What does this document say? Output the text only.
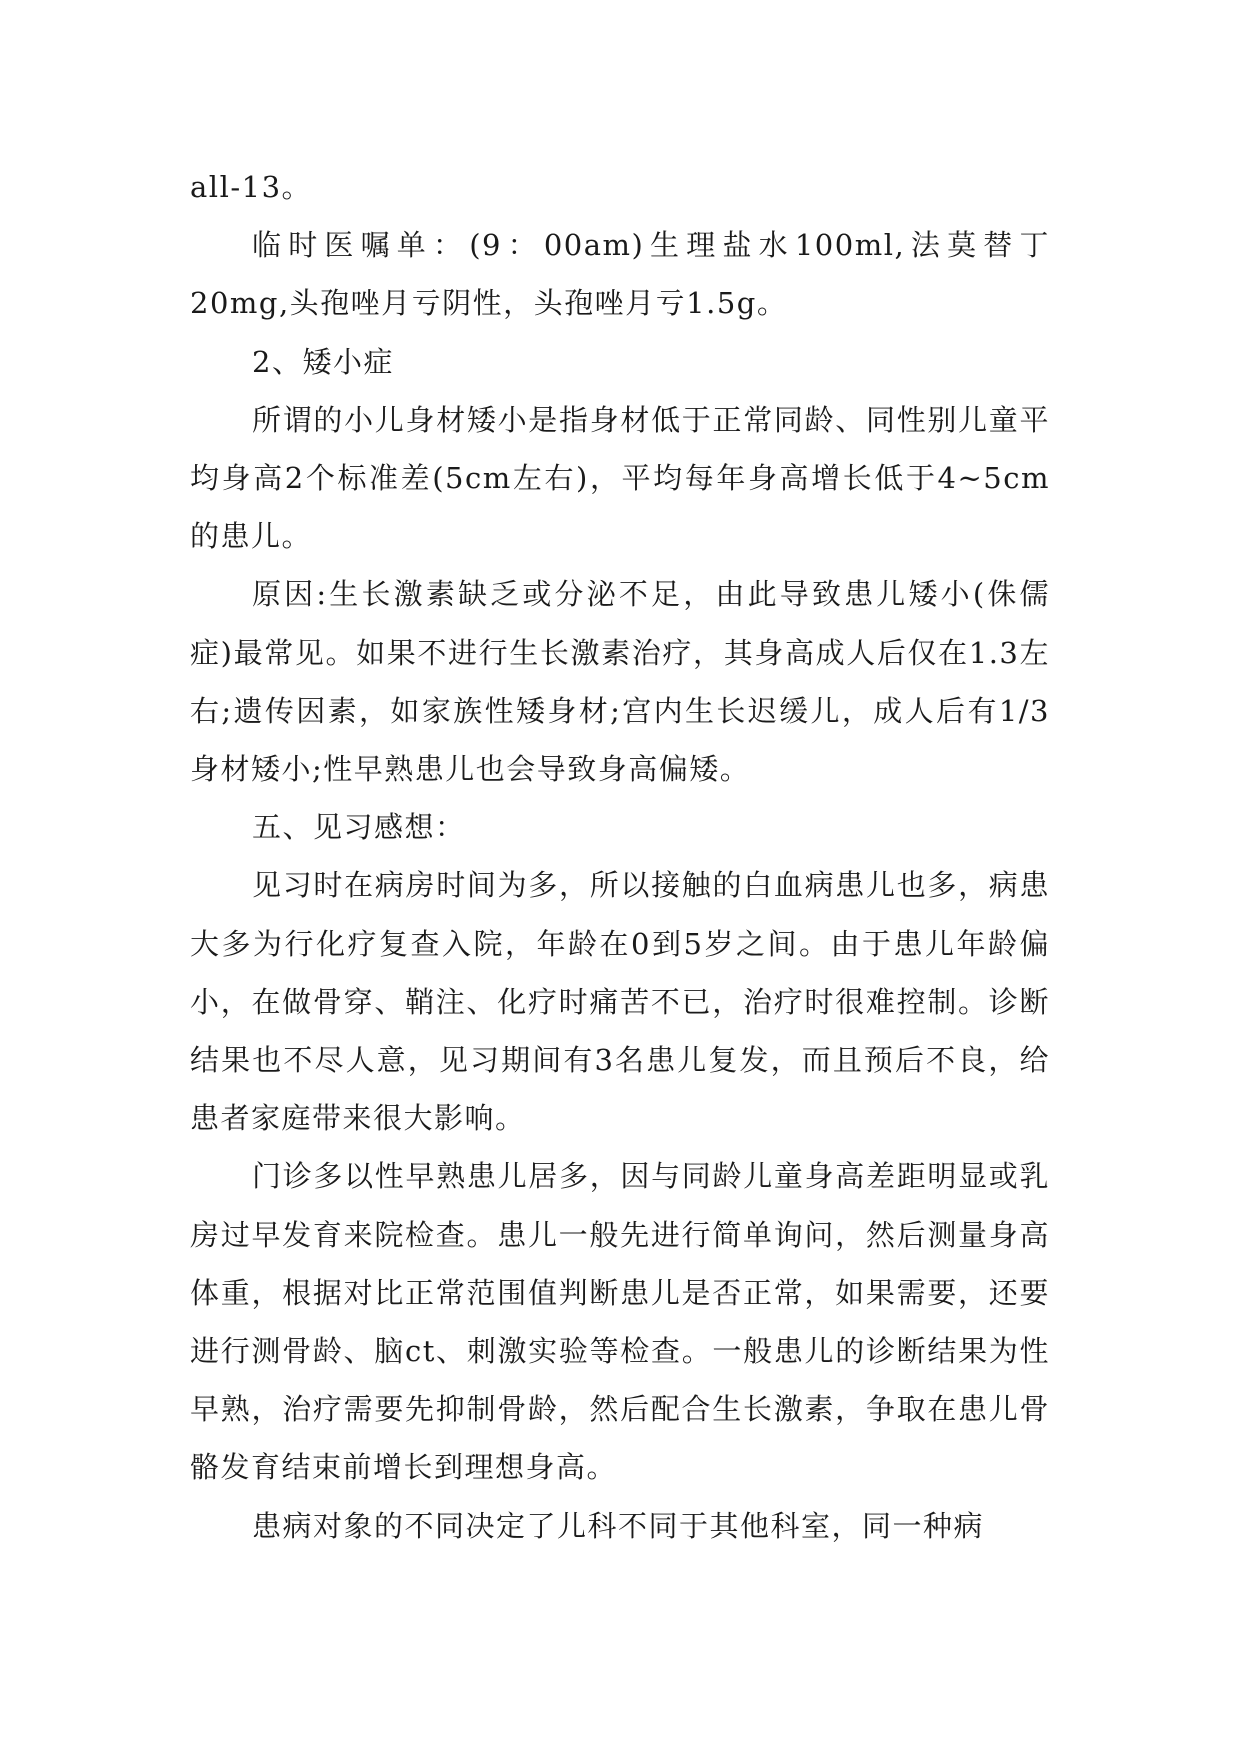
all-13。

临时医嘱单：(9：00am)生理盐水100ml,法莫替丁20mg,头孢唑月亏阴性，头孢唑月亏1.5g。

2、矮小症

所谓的小儿身材矮小是指身材低于正常同龄、同性别儿童平均身高2个标准差(5cm左右)，平均每年身高增长低于4~5cm的患儿。

原因:生长激素缺乏或分泌不足，由此导致患儿矮小(侏儒症)最常见。如果不进行生长激素治疗，其身高成人后仅在1.3左右;遗传因素，如家族性矮身材;宫内生长迟缓儿，成人后有1/3身材矮小;性早熟患儿也会导致身高偏矮。

五、见习感想：

见习时在病房时间为多，所以接触的白血病患儿也多，病患大多为行化疗复查入院，年龄在0到5岁之间。由于患儿年龄偏小，在做骨穿、鞘注、化疗时痛苦不已，治疗时很难控制。诊断结果也不尽人意，见习期间有3名患儿复发，而且预后不良，给患者家庭带来很大影响。

门诊多以性早熟患儿居多，因与同龄儿童身高差距明显或乳房过早发育来院检查。患儿一般先进行简单询问，然后测量身高体重，根据对比正常范围值判断患儿是否正常，如果需要，还要进行测骨龄、脑ct、刺激实验等检查。一般患儿的诊断结果为性早熟，治疗需要先抑制骨龄，然后配合生长激素，争取在患儿骨骼发育结束前增长到理想身高。

患病对象的不同决定了儿科不同于其他科室，同一种病
